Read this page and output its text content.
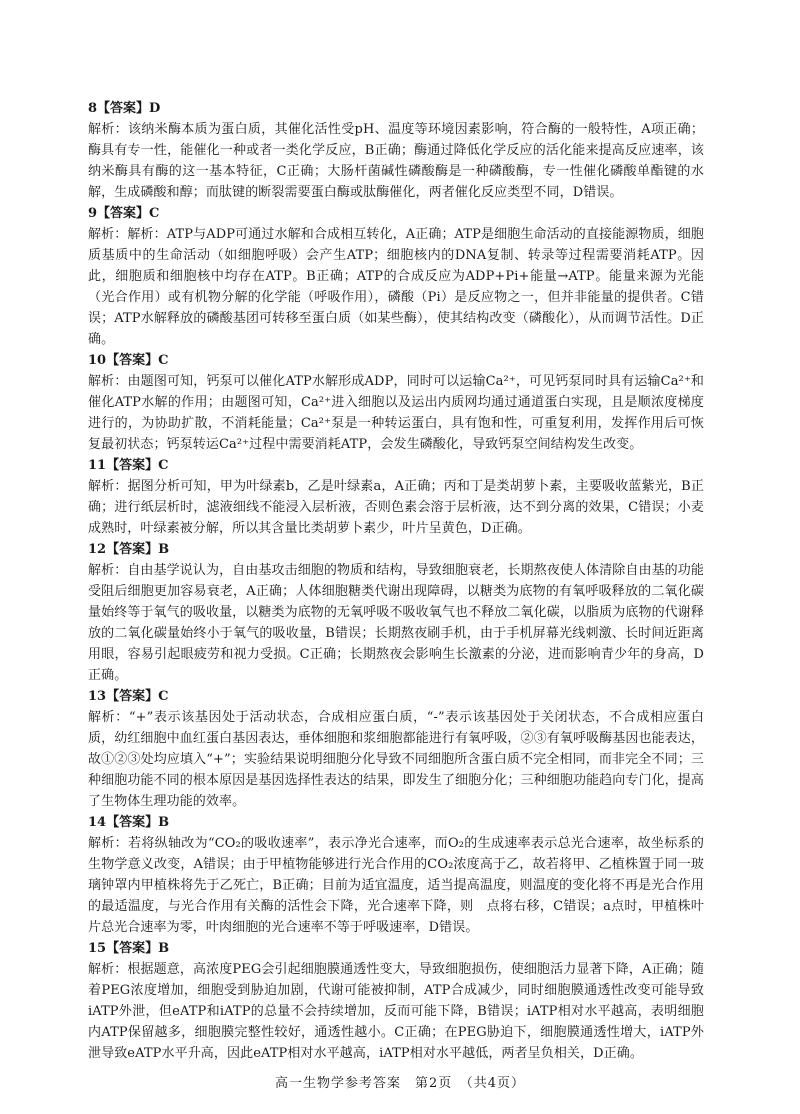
8【答案】D

解析：该纳米酶本质为蛋白质，其催化活性受pH、温度等环境因素影响，符合酶的一般特性，A项正确；酶具有专一性，能催化一种或者一类化学反应，B正确；酶通过降低化学反应的活化能来提高反应速率，该纳米酶具有酶的这一基本特征，C正确；大肠杆菌碱性磷酸酶是一种磷酸酶，专一性催化磷酸单酯键的水解，生成磷酸和醇；而肽键的断裂需要蛋白酶或肽酶催化，两者催化反应类型不同，D错误。

9【答案】C

解析：解析：ATP与ADP可通过水解和合成相互转化，A正确；ATP是细胞生命活动的直接能源物质，细胞质基质中的生命活动（如细胞呼吸）会产生ATP；细胞核内的DNA复制、转录等过程需要消耗ATP。因此，细胞质和细胞核中均存在ATP。B正确；ATP的合成反应为ADP+Pi+能量→ATP。能量来源为光能（光合作用）或有机物分解的化学能（呼吸作用），磷酸（Pi）是反应物之一，但并非能量的提供者。C错误；ATP水解释放的磷酸基团可转移至蛋白质（如某些酶），使其结构改变（磷酸化），从而调节活性。D正确。

10【答案】C

解析：由题图可知，钙泵可以催化ATP水解形成ADP，同时可以运输Ca²⁺，可见钙泵同时具有运输Ca²⁺和催化ATP水解的作用；由题图可知，Ca²⁺进入细胞以及运出内质网均通过通道蛋白实现，且是顺浓度梯度进行的，为协助扩散，不消耗能量；Ca²⁺泵是一种转运蛋白，具有饱和性，可重复利用，发挥作用后可恢复最初状态；钙泵转运Ca²⁺过程中需要消耗ATP，会发生磷酸化，导致钙泵空间结构发生改变。

11【答案】C

解析：据图分析可知，甲为叶绿素b，乙是叶绿素a，A正确；丙和丁是类胡萝卜素，主要吸收蓝紫光，B正确；进行纸层析时，滤液细线不能浸入层析液，否则色素会溶于层析液，达不到分离的效果，C错误；小麦成熟时，叶绿素被分解，所以其含量比类胡萝卜素少，叶片呈黄色，D正确。

12【答案】B

解析：自由基学说认为，自由基攻击细胞的物质和结构，导致细胞衰老，长期熬夜使人体清除自由基的功能受阻后细胞更加容易衰老，A正确；人体细胞糖类代谢出现障碍，以糖类为底物的有氧呼吸释放的二氧化碳量始终等于氧气的吸收量，以糖类为底物的无氧呼吸不吸收氧气也不释放二氧化碳，以脂质为底物的代谢释放的二氧化碳量始终小于氧气的吸收量，B错误；长期熬夜刷手机，由于手机屏幕光线刺激、长时间近距离用眼，容易引起眼疲劳和视力受损。C正确；长期熬夜会影响生长激素的分泌，进而影响青少年的身高，D正确。

13【答案】C

解析：“+”表示该基因处于活动状态，合成相应蛋白质，“-”表示该基因处于关闭状态，不合成相应蛋白质，幼红细胞中血红蛋白基因表达，垂体细胞和浆细胞都能进行有氧呼吸，②③有氧呼吸酶基因也能表达，故①②③处均应填入“+”；实验结果说明细胞分化导致不同细胞所含蛋白质不完全相同，而非完全不同；三种细胞功能不同的根本原因是基因选择性表达的结果，即发生了细胞分化；三种细胞功能趋向专门化，提高了生物体生理功能的效率。

14【答案】B

解析：若将纵轴改为“CO₂的吸收速率”，表示净光合速率，而O₂的生成速率表示总光合速率，故坐标系的生物学意义改变，A错误；由于甲植物能够进行光合作用的CO₂浓度高于乙，故若将甲、乙植株置于同一玻璃钟罩内甲植株将先于乙死亡，B正确；目前为适宜温度，适当提高温度，则温度的变化将不再是光合作用的最适温度，与光合作用有关酶的活性会下降，光合速率下降，则　点将右移，C错误；a点时，甲植株叶片总光合速率为零，叶肉细胞的光合速率不等于呼吸速率，D错误。

15【答案】B

解析：根据题意，高浓度PEG会引起细胞膜通透性变大，导致细胞损伤，使细胞活力显著下降，A正确；随着PEG浓度增加，细胞受到胁迫加剧，代谢可能被抑制，ATP合成减少，同时细胞膜通透性改变可能导致iATP外泄，但eATP和iATP的总量不会持续增加，反而可能下降，B错误；iATP相对水平越高，表明细胞内ATP保留越多，细胞膜完整性较好，通透性越小。C正确；在PEG胁迫下，细胞膜通透性增大，iATP外泄导致eATP水平升高，因此eATP相对水平越高，iATP相对水平越低，两者呈负相关，D正确。

高一生物学参考答案　第2页　（共4页）
